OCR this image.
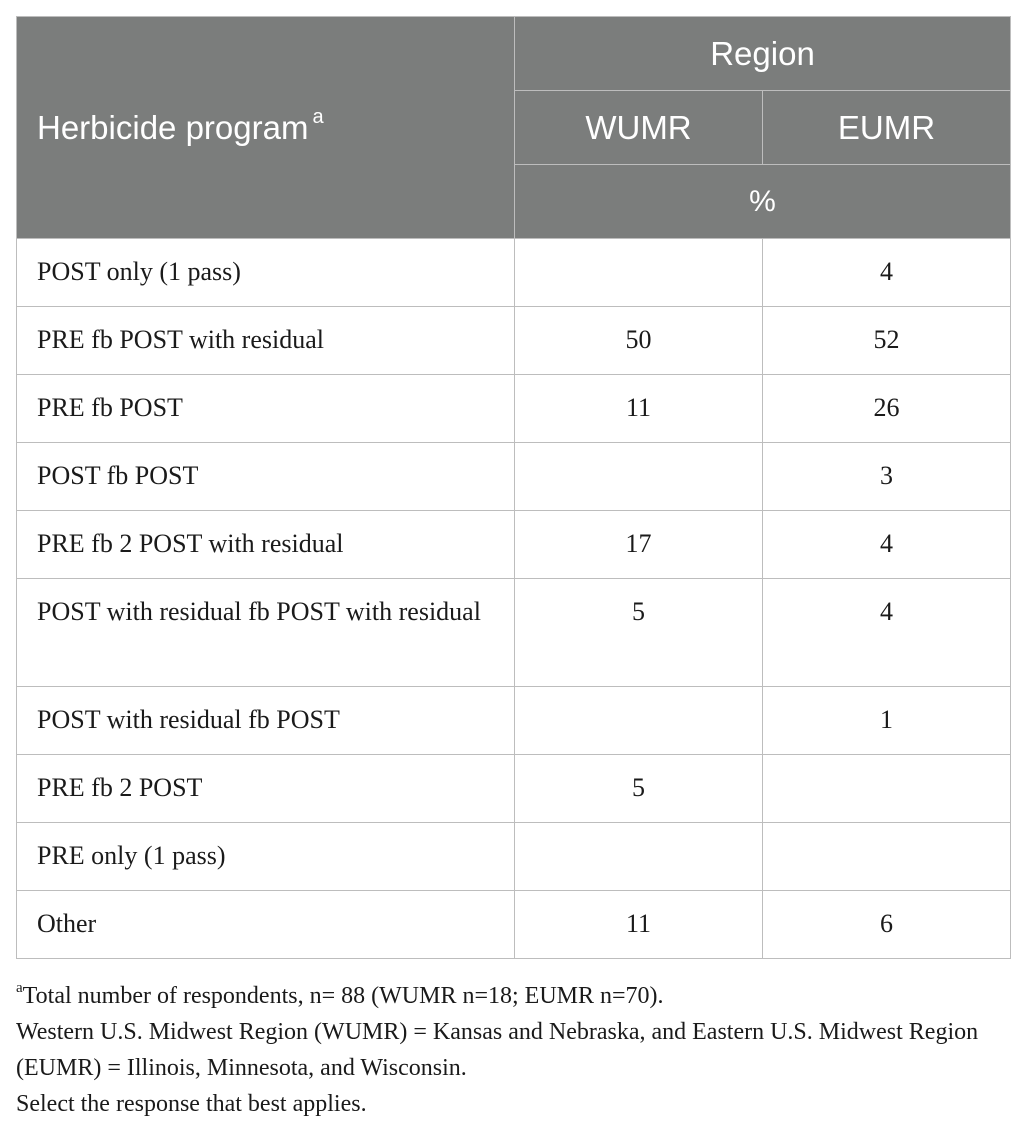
Herbicide program $^a$	Region	
	WUMR	EUMR
	%	
POST only (1 pass)		4
PRE fb POST with residual	50	52
PRE fb POST	11	26
POST fb POST		3
PRE fb 2 POST with residual	17	4
POST with residual fb POST with residual	5	4
POST with residual fb POST		1
PRE fb 2 POST	5	
PRE only (1 pass)		
Other	11	6

$^a$Total number of respondents, n= 88 (WUMR n=18; EUMR n=70).

Western U.S. Midwest Region (WUMR) = Kansas and Nebraska, and Eastern U.S. Midwest Region (EUMR) = Illinois, Minnesota, and Wisconsin.

Select the response that best applies.
